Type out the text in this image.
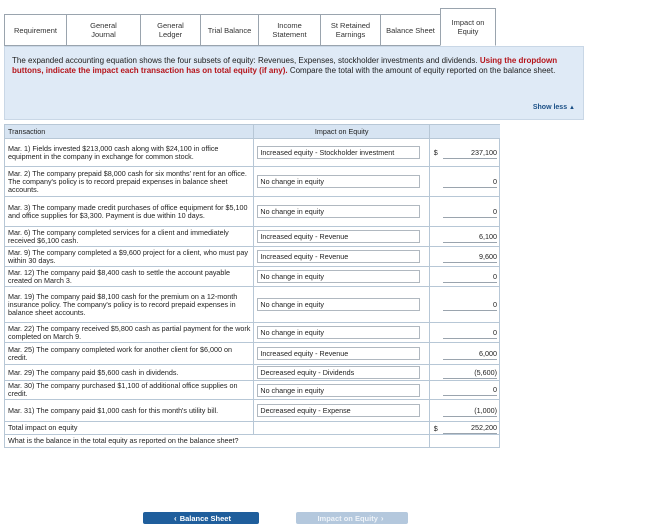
Requirement	General
Journal
General
Ledger	Trial Balance	Income
Statement
St Retained
Earnings	Balance Sheet
Impact on
Equity
The expanded accounting equation shows the four subsets of equity: Revenues, Expenses, stockholder investments and dividends. Using the dropdown buttons, indicate the impact each transaction has on total equity (if any). Compare the total with the amount of equity reported on the balance sheet.
Show less ▲
Transaction	Impact on Equity		
Mar. 1) Fields invested $213,000 cash along with $24,100 in office equipment in the company in exchange for common stock.	Increased equity - Stockholder investment	$	237,100
Mar. 2) The company prepaid $8,000 cash for six months' rent for an office. The company's policy is to record prepaid expenses in balance sheet accounts.	No change in equity		0
Mar. 3) The company made credit purchases of office equipment for $5,100 and office supplies for $3,300. Payment is due within 10 days.	No change in equity		0
Mar. 6) The company completed services for a client and immediately received $6,100 cash.	Increased equity - Revenue		6,100
Mar. 9) The company completed a $9,600 project for a client, who must pay within 30 days.	Increased equity - Revenue		9,600
Mar. 12) The company paid $8,400 cash to settle the account payable created on March 3.	No change in equity		0
Mar. 19) The company paid $8,100 cash for the premium on a 12-month insurance policy. The company's policy is to record prepaid expenses in balance sheet accounts.	No change in equity		0
Mar. 22) The company received $5,800 cash as partial payment for the work completed on March 9.	No change in equity		0
Mar. 25) The company completed work for another client for $6,000 on credit.	Increased equity - Revenue		6,000
Mar. 29) The company paid $5,600 cash in dividends.	Decreased equity - Dividends		(5,600)
Mar. 30) The company purchased $1,100 of additional office supplies on credit.	No change in equity		0
Mar. 31) The company paid $1,000 cash for this month's utility bill.	Decreased equity - Expense		(1,000)
Total impact on equity		$	252,200
What is the balance in the total equity as reported on the balance sheet?			
‹ Balance Sheet	Impact on Equity ›
